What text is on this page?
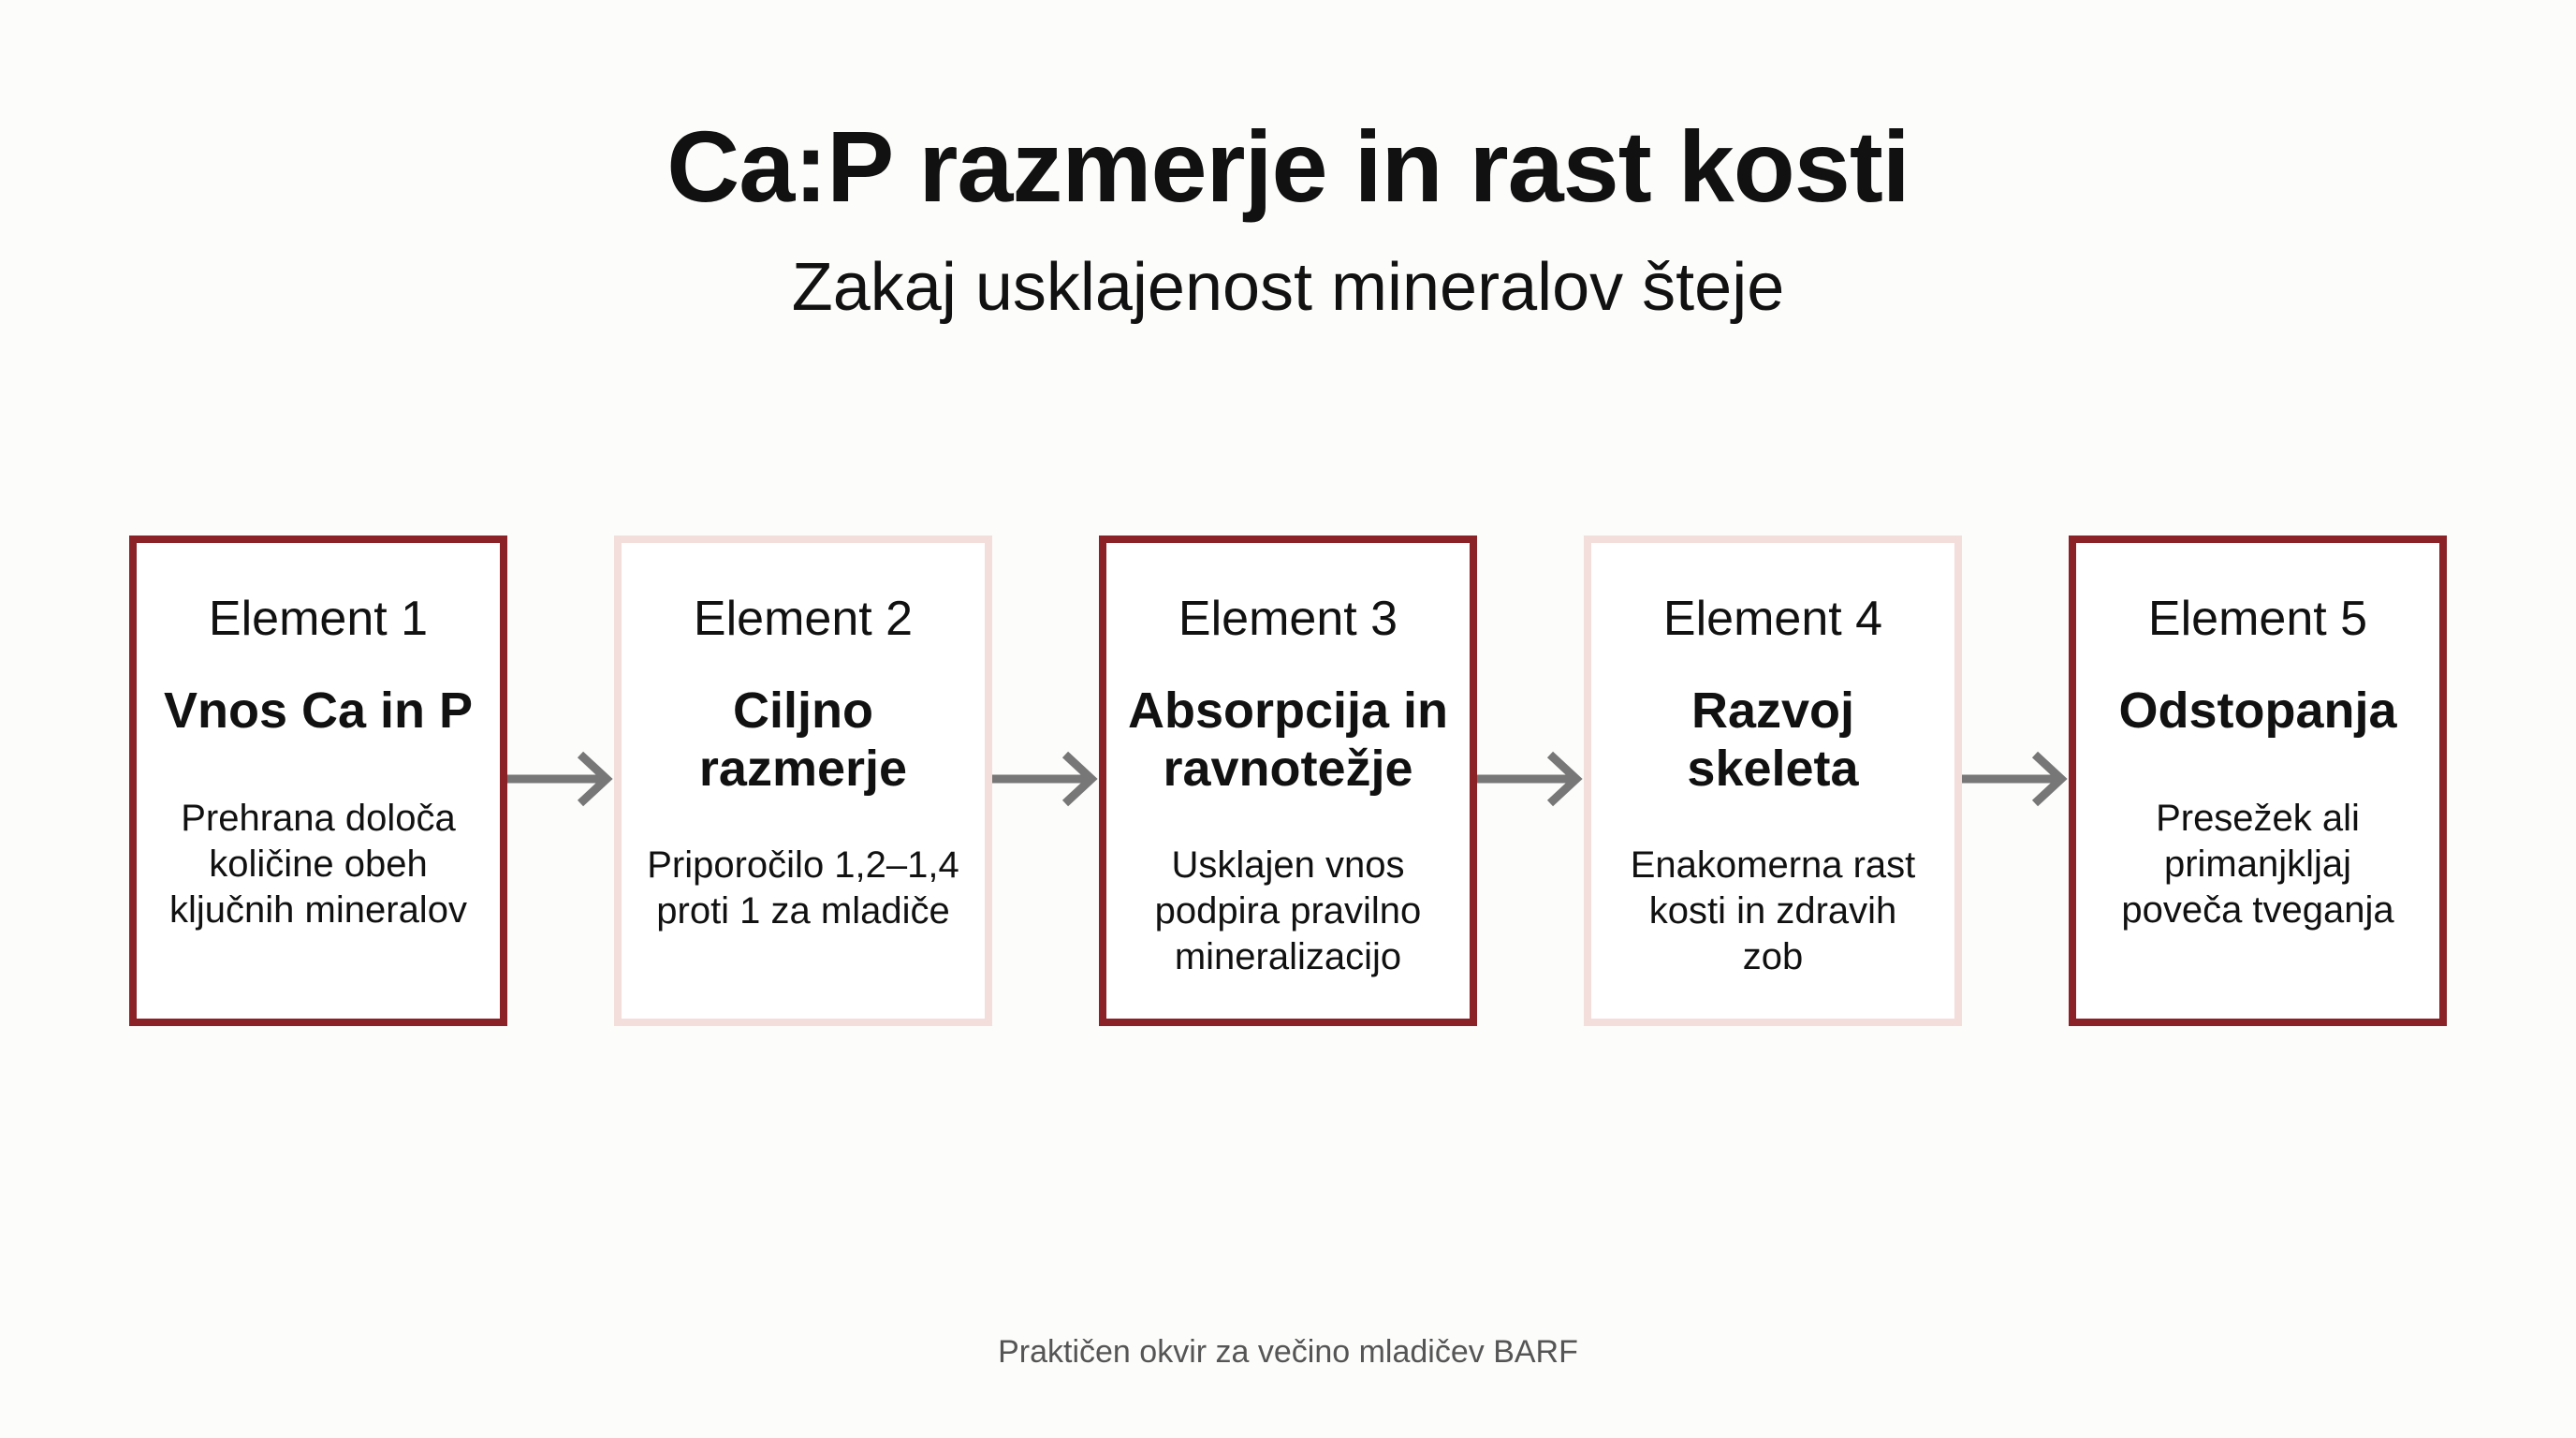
Ca:P razmerje in rast kosti

Zakaj usklajenost mineralov šteje

Element 1
Vnos Ca in P
Prehrana določa količine obeh ključnih mineralov
Element 2
Ciljno razmerje
Priporočilo 1,2–1,4 proti 1 za mladiče
Absorpcija in ravnotežje
Element 3
Usklajen vnos podpira pravilno mineralizacijo
Element 4
Razvoj skeleta
Enakomerna rast kosti in zdravih zob
Element 5
Odstopanja
Presežek ali primanjkljaj poveča tveganja
Praktičen okvir za večino mladičev BARF
